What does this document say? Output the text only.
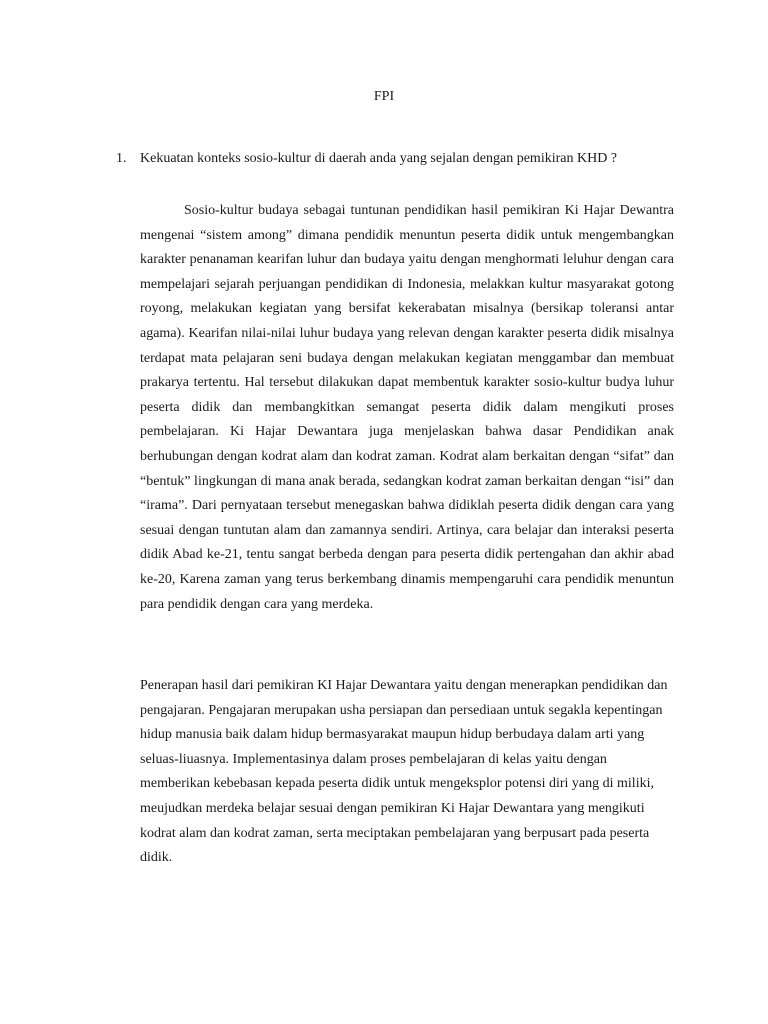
FPI
1. Kekuatan konteks sosio-kultur di daerah anda yang sejalan dengan pemikiran KHD ?
Sosio-kultur budaya sebagai tuntunan pendidikan hasil pemikiran Ki Hajar Dewantra mengenai “sistem among” dimana pendidik menuntun peserta didik untuk mengembangkan karakter penanaman kearifan luhur dan budaya yaitu dengan menghormati leluhur dengan cara mempelajari sejarah perjuangan pendidikan di Indonesia, melakkan kultur masyarakat gotong royong, melakukan kegiatan yang bersifat kekerabatan misalnya (bersikap toleransi antar agama). Kearifan nilai-nilai luhur budaya yang relevan dengan karakter peserta didik misalnya terdapat mata pelajaran seni budaya dengan melakukan kegiatan menggambar dan membuat prakarya tertentu. Hal tersebut dilakukan dapat membentuk karakter sosio-kultur budya luhur peserta didik dan membangkitkan semangat peserta didik dalam mengikuti proses pembelajaran. Ki Hajar Dewantara juga menjelaskan bahwa dasar Pendidikan anak berhubungan dengan kodrat alam dan kodrat zaman. Kodrat alam berkaitan dengan “sifat” dan “bentuk” lingkungan di mana anak berada, sedangkan kodrat zaman berkaitan dengan “isi” dan “irama”. Dari pernyataan tersebut menegaskan bahwa didiklah peserta didik dengan cara yang sesuai dengan tuntutan alam dan zamannya sendiri. Artinya, cara belajar dan interaksi peserta didik Abad ke-21, tentu sangat berbeda dengan para peserta didik pertengahan dan akhir abad ke-20, Karena zaman yang terus berkembang dinamis mempengaruhi cara pendidik menuntun para pendidik dengan cara yang merdeka.
Penerapan hasil dari pemikiran KI Hajar Dewantara yaitu dengan menerapkan pendidikan dan pengajaran. Pengajaran merupakan usha persiapan dan persediaan untuk segakla kepentingan hidup manusia baik dalam hidup bermasyarakat maupun hidup berbudaya dalam arti yang seluas-liuasnya. Implementasinya dalam proses pembelajaran di kelas yaitu dengan memberikan kebebasan kepada peserta didik untuk mengeksplor potensi diri yang di miliki, meujudkan merdeka belajar sesuai dengan pemikiran Ki Hajar Dewantara yang mengikuti kodrat alam dan kodrat zaman, serta meciptakan pembelajaran yang berpusart pada peserta didik.
